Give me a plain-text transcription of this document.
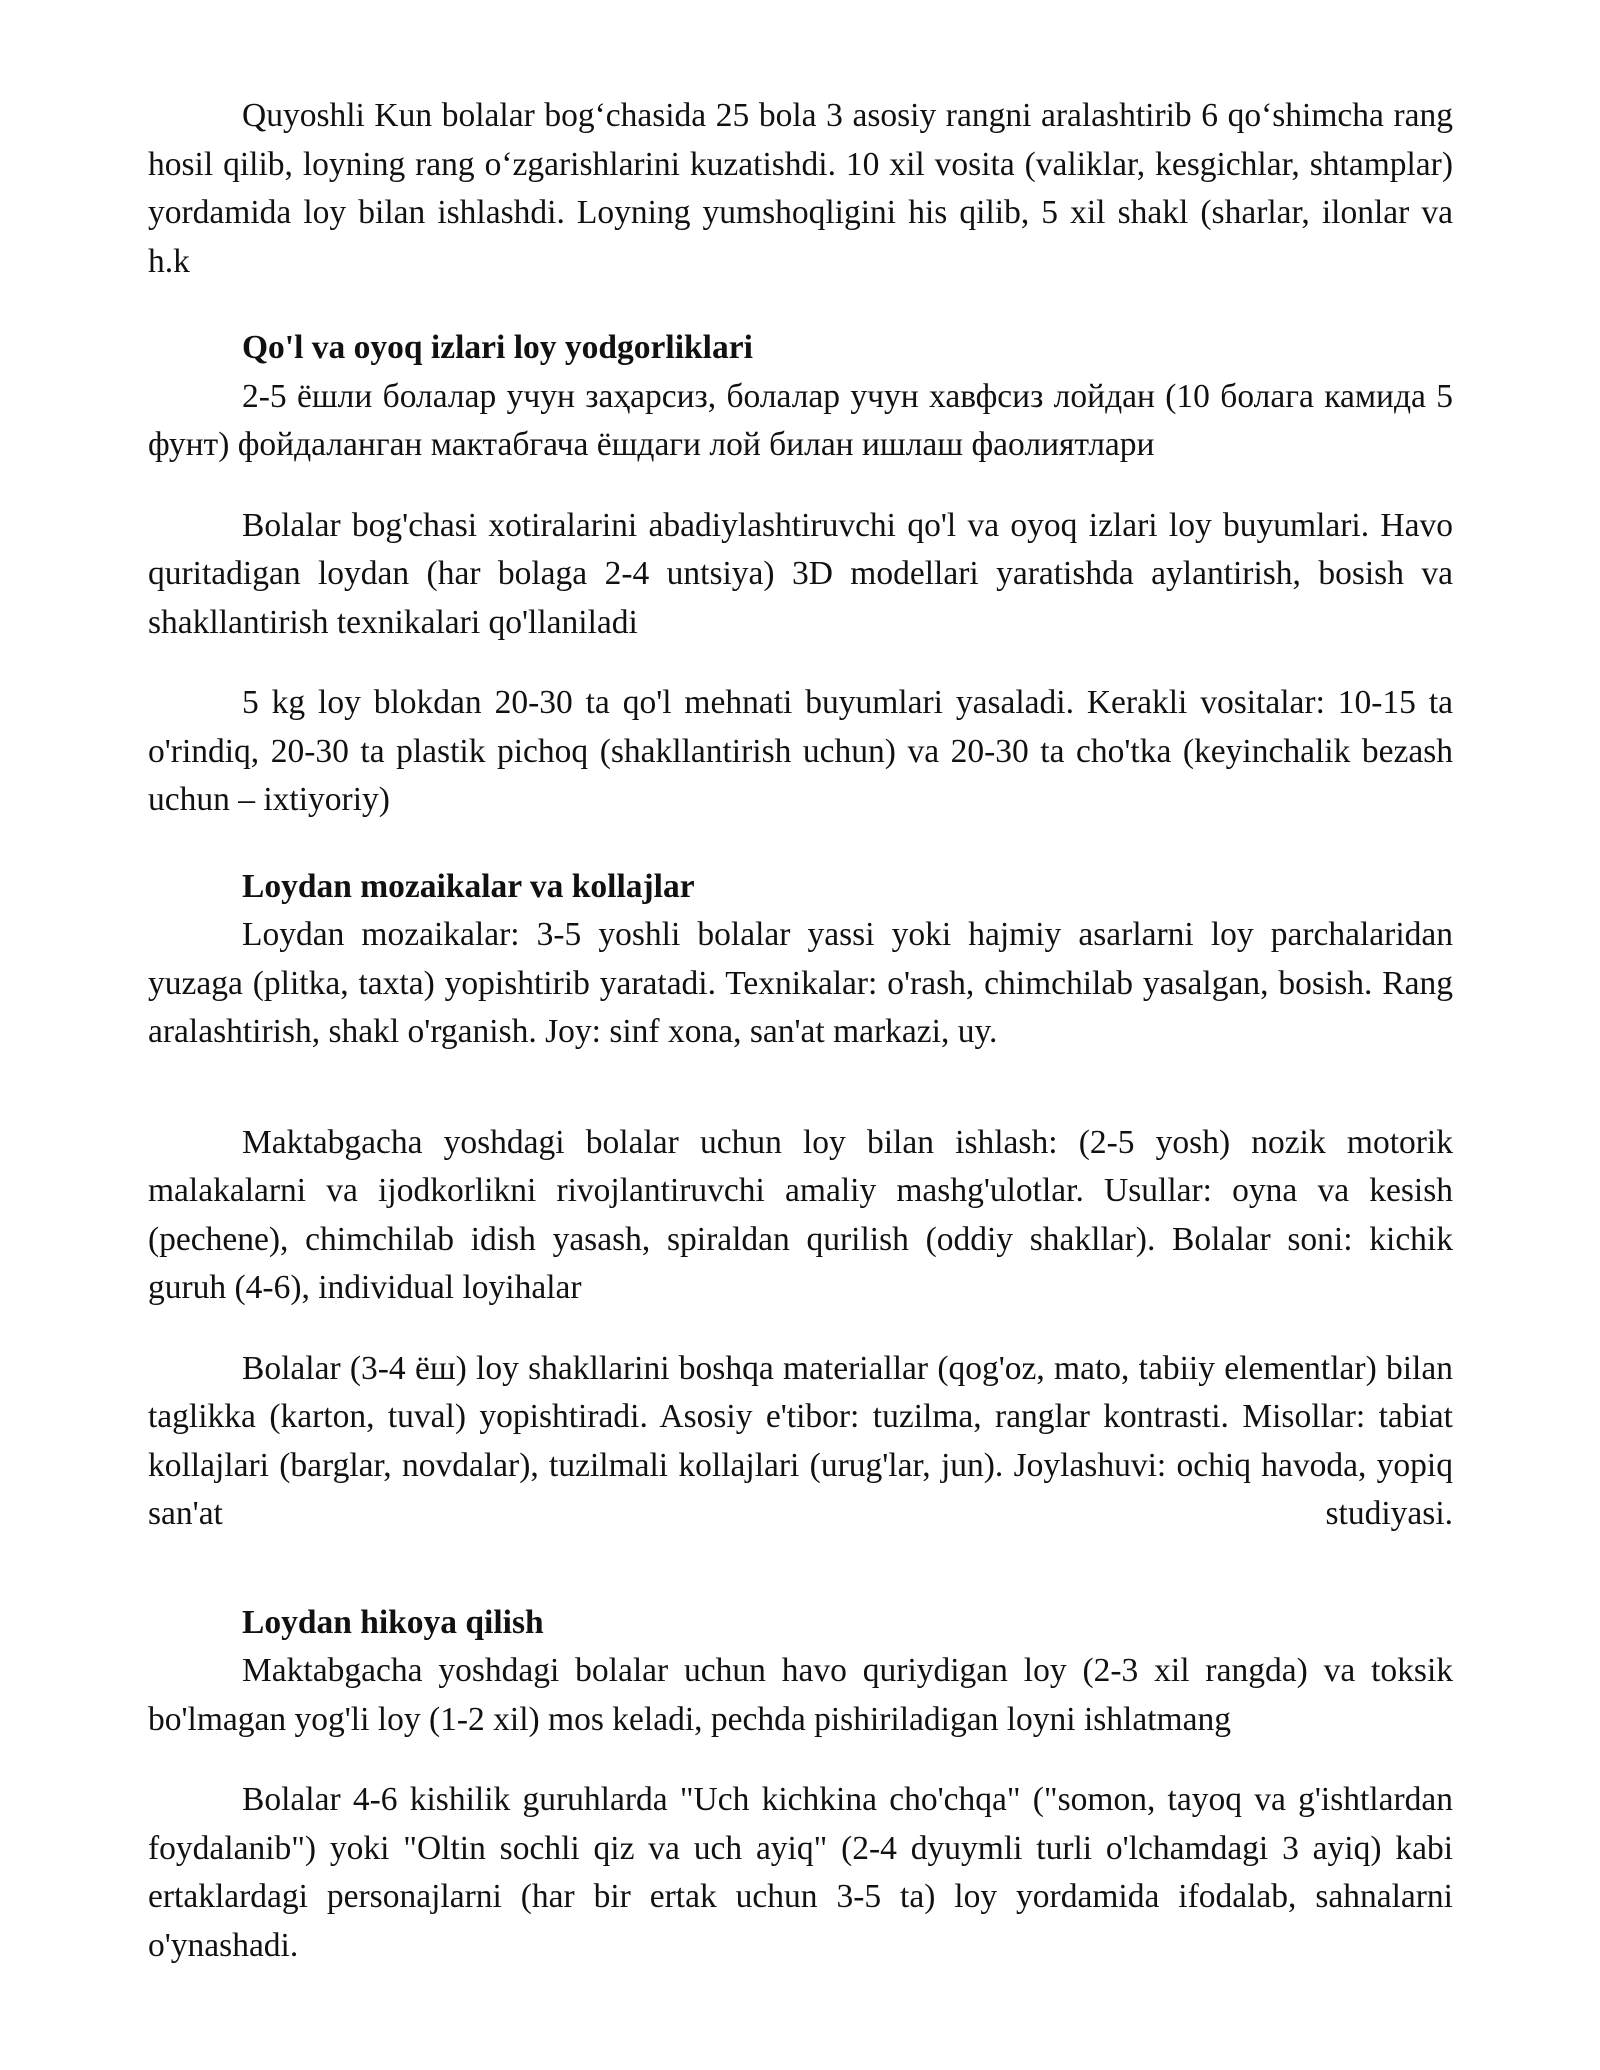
Quyoshli Kun bolalar bog‘chasida 25 bola 3 asosiy rangni aralashtirib 6 qo‘shimcha rang hosil qilib, loyning rang o‘zgarishlarini kuzatishdi. 10 xil vosita (valiklar, kesgichlar, shtamplar) yordamida loy bilan ishlashdi. Loyning yumshoqligini his qilib, 5 xil shakl (sharlar, ilonlar va h.k

Qo'l va oyoq izlari loy yodgorliklari

2-5 ёшли болалар учун заҳарсиз, болалар учун хавфсиз лойдан (10 болага камида 5 фунт) фойдаланган мактабгача ёшдаги лой билан ишлаш фаолиятлари

Bolalar bog'chasi xotiralarini abadiylashtiruvchi qo'l va oyoq izlari loy buyumlari. Havo quritadigan loydan (har bolaga 2-4 untsiya) 3D modellari yaratishda aylantirish, bosish va shakllantirish texnikalari qo'llaniladi

5 kg loy blokdan 20-30 ta qo'l mehnati buyumlari yasaladi. Kerakli vositalar: 10-15 ta o'rindiq, 20-30 ta plastik pichoq (shakllantirish uchun) va 20-30 ta cho'tka (keyinchalik bezash uchun – ixtiyoriy)

Loydan mozaikalar va kollajlar

Loydan mozaikalar: 3-5 yoshli bolalar yassi yoki hajmiy asarlarni loy parchalaridan yuzaga (plitka, taxta) yopishtirib yaratadi. Texnikalar: o'rash, chimchilab yasalgan, bosish. Rang aralashtirish, shakl o'rganish. Joy: sinf xona, san'at markazi, uy.

Maktabgacha yoshdagi bolalar uchun loy bilan ishlash: (2-5 yosh) nozik motorik malakalarni va ijodkorlikni rivojlantiruvchi amaliy mashg'ulotlar. Usullar: oyna va kesish (pechene), chimchilab idish yasash, spiraldan qurilish (oddiy shakllar). Bolalar soni: kichik guruh (4-6), individual loyihalar

Bolalar (3-4 ёш) loy shakllarini boshqa materiallar (qog'oz, mato, tabiiy elementlar) bilan taglikka (karton, tuval) yopishtiradi. Asosiy e'tibor: tuzilma, ranglar kontrasti. Misollar: tabiat kollajlari (barglar, novdalar), tuzilmali kollajlari (urug'lar, jun). Joylashuvi: ochiq havoda, yopiq san'at studiyasi.

Loydan hikoya qilish

Maktabgacha yoshdagi bolalar uchun havo quriydigan loy (2-3 xil rangda) va toksik bo'lmagan yog'li loy (1-2 xil) mos keladi, pechda pishiriladigan loyni ishlatmang

Bolalar 4-6 kishilik guruhlarda "Uch kichkina cho'chqa" ("somon, tayoq va g'ishtlardan foydalanib") yoki "Oltin sochli qiz va uch ayiq" (2-4 dyuymli turli o'lchamdagi 3 ayiq) kabi ertaklardagi personajlarni (har bir ertak uchun 3-5 ta) loy yordamida ifodalab, sahnalarni o'ynashadi.
